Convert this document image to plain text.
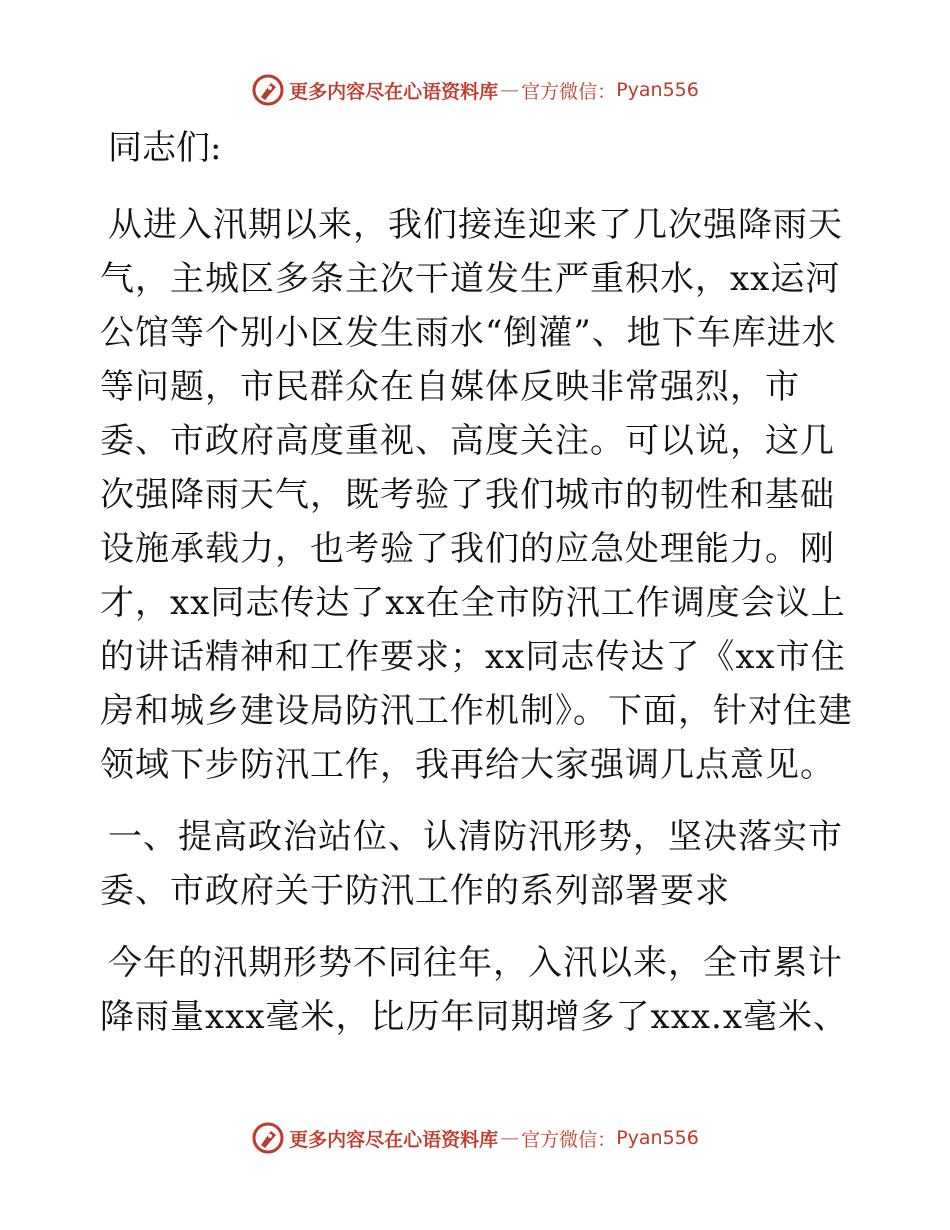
更多内容尽在心语资料库 — 官方微信： Pyan556
同志们:
从进入汛期以来，我们接连迎来了几次强降雨天气，主城区多条主次干道发生严重积水，xx运河公馆等个别小区发生雨水“倒灌”、地下车库进水等问题，市民群众在自媒体反映非常强烈，市委、市政府高度重视、高度关注。可以说，这几次强降雨天气，既考验了我们城市的韧性和基础设施承载力，也考验了我们的应急处理能力。刚才，xx同志传达了xx在全市防汛工作调度会议上的讲话精神和工作要求；xx同志传达了《xx市住房和城乡建设局防汛工作机制》。下面，针对住建领域下步防汛工作，我再给大家强调几点意见。
一、提高政治站位、认清防汛形势，坚决落实市委、市政府关于防汛工作的系列部署要求
今年的汛期形势不同往年，入汛以来，全市累计降雨量xxx毫米，比历年同期增多了xxx.x毫米、
更多内容尽在心语资料库 — 官方微信： Pyan556
